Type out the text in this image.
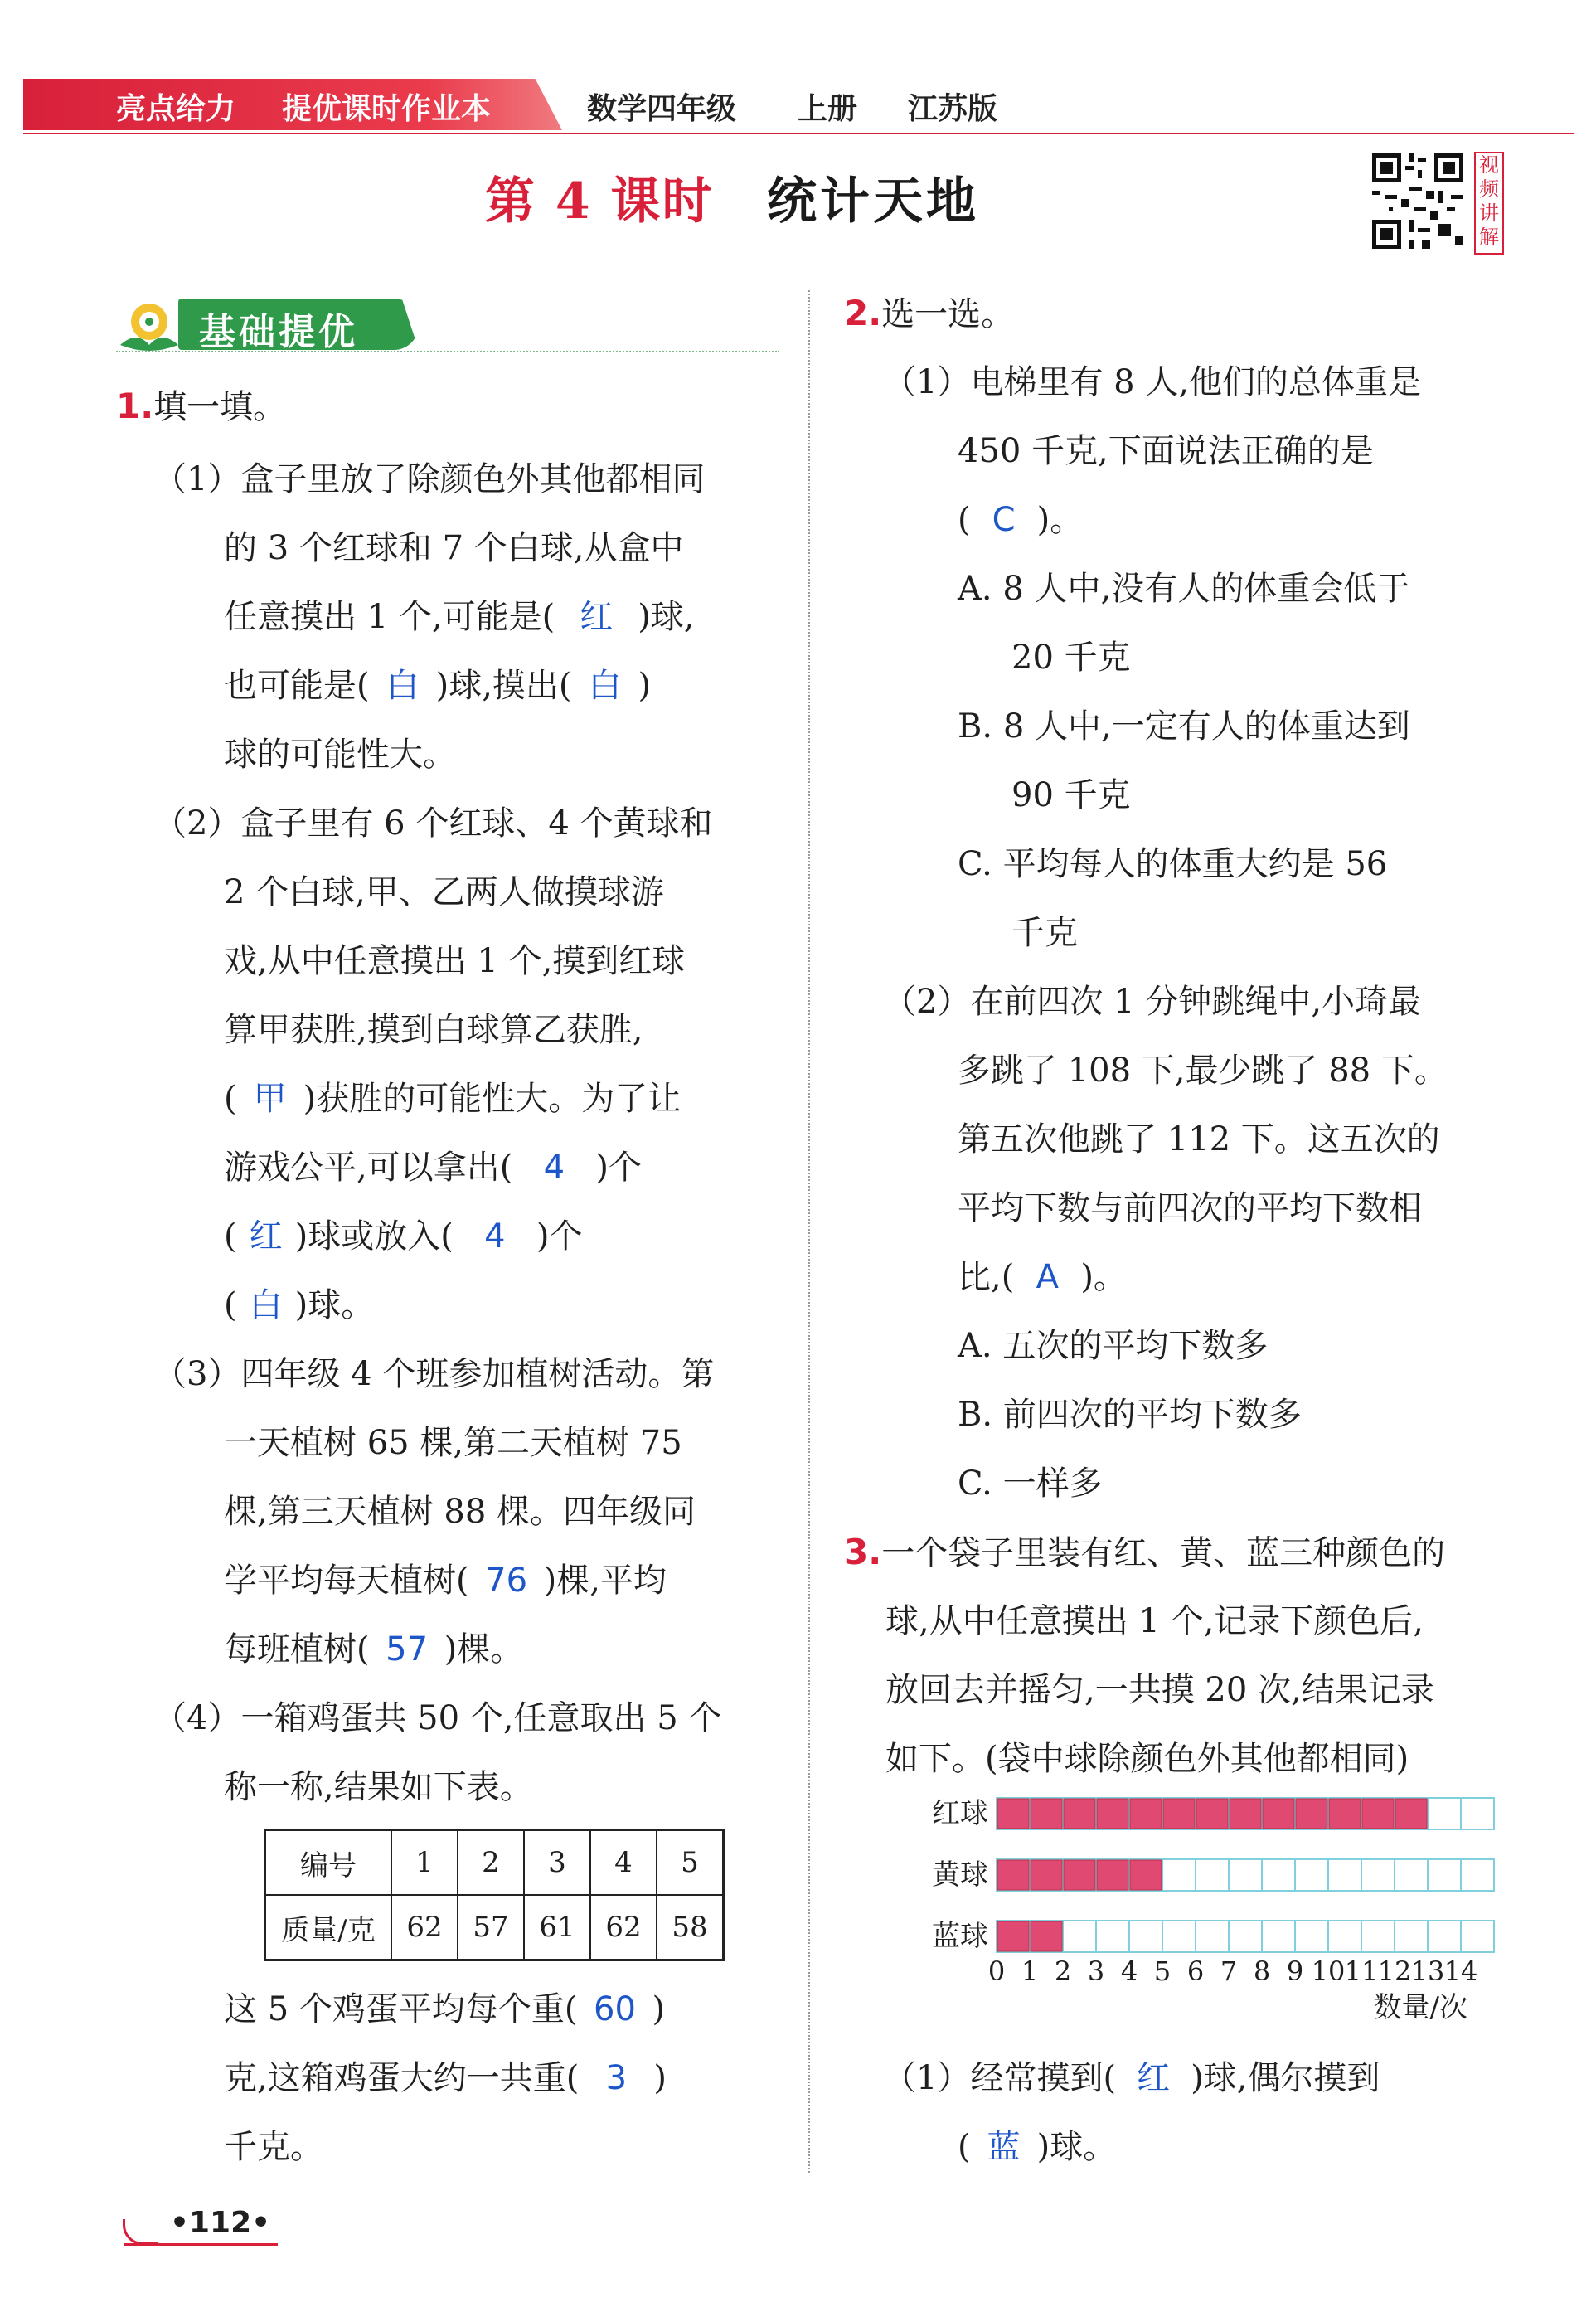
亮点给力 提优课时作业本	数学四年级 上册 江苏版
第 4 课时 统计天地
视
频
讲
解
基础提优
1.填一填。
（1）盒子里放了除颜色外其他都相同
的 3 个红球和 7 个白球,从盒中
任意摸出 1 个,可能是( 红 )球,
也可能是( 白 )球,摸出( 白 )
球的可能性大。
（2）盒子里有 6 个红球、4 个黄球和
2 个白球,甲、乙两人做摸球游
戏,从中任意摸出 1 个,摸到红球
算甲获胜,摸到白球算乙获胜,
( 甲 )获胜的可能性大。为了让
游戏公平,可以拿出( 4 )个
( 红 )球或放入( 4 )个
( 白 )球。
（3）四年级 4 个班参加植树活动。第
一天植树 65 棵,第二天植树 75
棵,第三天植树 88 棵。四年级同
学平均每天植树( 76 )棵,平均
每班植树( 57 )棵。
（4）一箱鸡蛋共 50 个,任意取出 5 个
称一称,结果如下表。
编号	1	2	3	4	5
质量/克	62	57	61	62	58
这 5 个鸡蛋平均每个重( 60 )
克,这箱鸡蛋大约一共重( 3 )
千克。
2.选一选。
（1）电梯里有 8 人,他们的总体重是
450 千克,下面说法正确的是
( C )。
A. 8 人中,没有人的体重会低于
20 千克
B. 8 人中,一定有人的体重达到
90 千克
C. 平均每人的体重大约是 56
千克
（2）在前四次 1 分钟跳绳中,小琦最
多跳了 108 下,最少跳了 88 下。
第五次他跳了 112 下。这五次的
平均下数与前四次的平均下数相
比,( A )。
A. 五次的平均下数多
B. 前四次的平均下数多
C. 一样多
3.一个袋子里装有红、黄、蓝三种颜色的
球,从中任意摸出 1 个,记录下颜色后,
放回去并摇匀,一共摸 20 次,结果记录
如下。(袋中球除颜色外其他都相同)
红球
黄球
蓝球
0 1 2 3 4 5 6 7 8 9 10 11 12 13 14
数量/次
（1）经常摸到( 红 )球,偶尔摸到
( 蓝 )球。
•112•
